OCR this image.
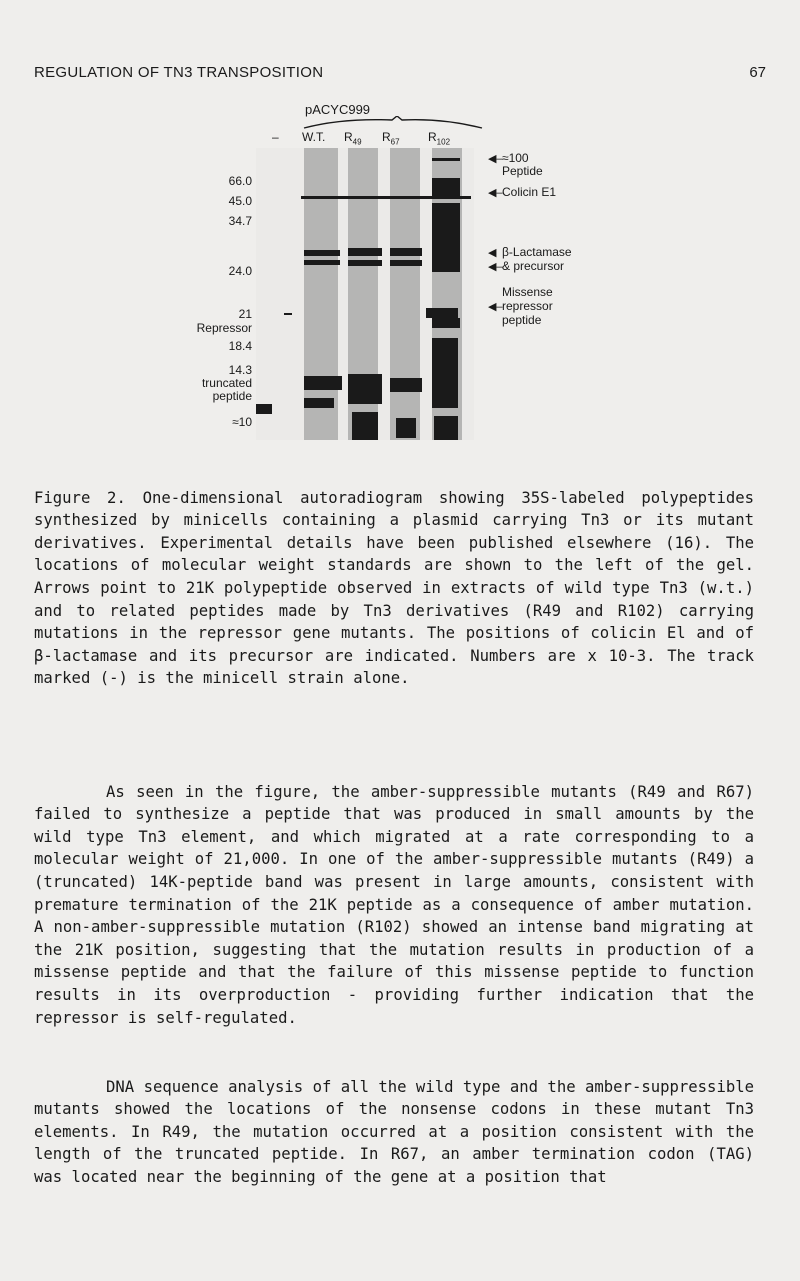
REGULATION OF TN3 TRANSPOSITION	67
pACYC999
– W.T. $R_{49}$ $R_{67}$ $R_{102}$
66.0
45.0
34.7
24.0
21
Repressor
18.4
14.3
truncated
peptide
≈10
◀–≈100
Peptide
◀–Colicin E1
◀ β-Lactamase
◀–& precursor
Missense
◀–repressor
peptide

Figure 2. One-dimensional autoradiogram showing 35S-labeled polypeptides synthesized by minicells containing a plasmid carrying Tn3 or its mutant derivatives. Experimental details have been published elsewhere (16). The locations of molecular weight standards are shown to the left of the gel. Arrows point to 21K polypeptide observed in extracts of wild type Tn3 (w.t.) and to related peptides made by Tn3 derivatives (R49 and R102) carrying mutations in the repressor gene mutants. The positions of colicin El and of β-lactamase and its precursor are indicated. Numbers are x 10-3. The track marked (-) is the minicell strain alone.

As seen in the figure, the amber-suppressible mutants (R49 and R67) failed to synthesize a peptide that was produced in small amounts by the wild type Tn3 element, and which migrated at a rate corresponding to a molecular weight of 21,000. In one of the amber-suppressible mutants (R49) a (truncated) 14K-peptide band was present in large amounts, consistent with premature termination of the 21K peptide as a consequence of amber mutation. A non-amber-suppressible mutation (R102) showed an intense band migrating at the 21K position, suggesting that the mutation results in production of a missense peptide and that the failure of this missense peptide to function results in its overproduction - providing further indication that the repressor is self-regulated.

DNA sequence analysis of all the wild type and the amber-suppressible mutants showed the locations of the nonsense codons in these mutant Tn3 elements. In R49, the mutation occurred at a position consistent with the length of the truncated peptide. In R67, an amber termination codon (TAG) was located near the beginning of the gene at a position that
